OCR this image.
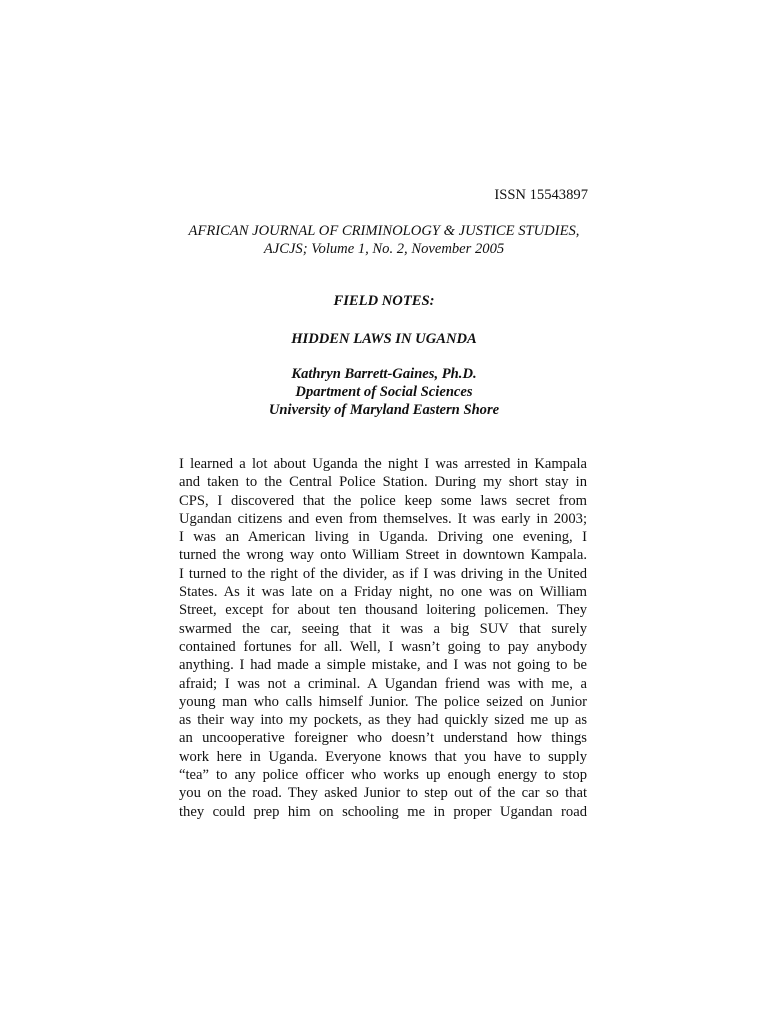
ISSN 15543897
AFRICAN JOURNAL OF CRIMINOLOGY & JUSTICE STUDIES,
AJCJS; Volume 1, No. 2, November 2005
FIELD NOTES:
HIDDEN LAWS IN UGANDA
Kathryn Barrett-Gaines, Ph.D.
Dpartment of Social Sciences
University of Maryland Eastern Shore
I learned a lot about Uganda the night I was arrested in Kampala
and taken to the Central Police Station. During my short stay in
CPS, I discovered that the police keep some laws secret from
Ugandan citizens and even from themselves. It was early in 2003;
I was an American living in Uganda. Driving one evening, I
turned the wrong way onto William Street in downtown Kampala.
I turned to the right of the divider, as if I was driving in the United
States. As it was late on a Friday night, no one was on William
Street, except for about ten thousand loitering policemen. They
swarmed the car, seeing that it was a big SUV that surely
contained fortunes for all. Well, I wasn’t going to pay anybody
anything. I had made a simple mistake, and I was not going to be
afraid; I was not a criminal. A Ugandan friend was with me, a
young man who calls himself Junior. The police seized on Junior
as their way into my pockets, as they had quickly sized me up as
an uncooperative foreigner who doesn’t understand how things
work here in Uganda. Everyone knows that you have to supply
“tea” to any police officer who works up enough energy to stop
you on the road. They asked Junior to step out of the car so that
they could prep him on schooling me in proper Ugandan road
